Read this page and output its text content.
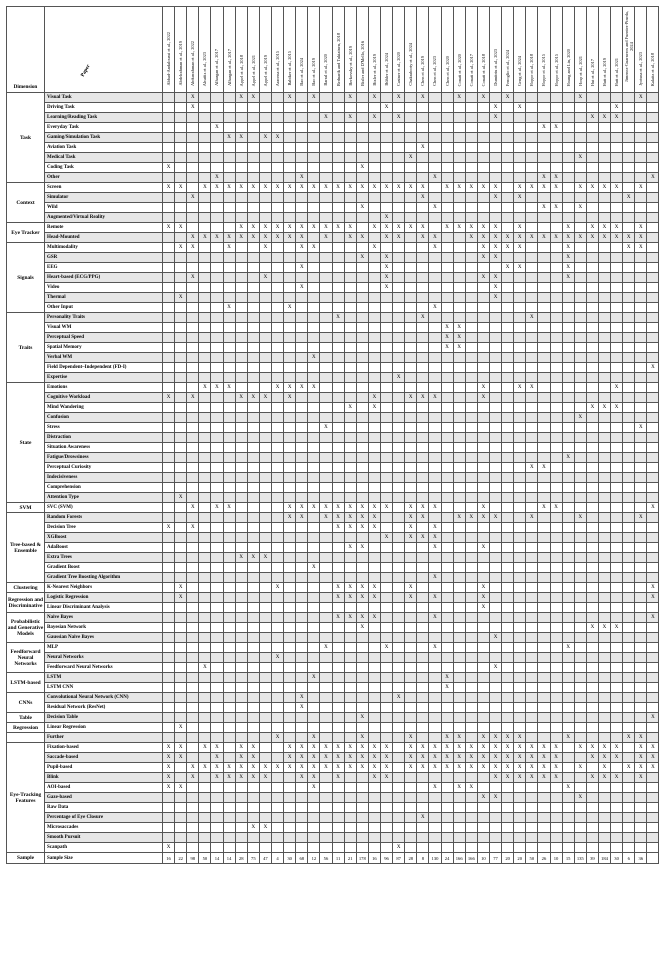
Dimension	Paper	Abbad-Andaloussi et al., 2022	Abdelrahman et al., 2019	Abdurrahman et al., 2022	Alcañiz et al., 2023	Alhargan et al., 2017	Alhargan et al., 2017	Appel et al., 2018	Appel et al., 2021	Appel et al., 2019	Aracena et al., 2015	Babiker et al., 2015	Bao et al., 2024	Bao et al., 2019	Barral et al., 2020	Bednarik and Tukiainen, 2018	Berkovsky et al., 2019	Bixler and D'Mello, 2016	Bixler et al., 2019	Bühler et al., 2024	Castner et al., 2020	Chakraborty et al., 2024	Chen et al., 2019	Chen et al., 2023	Chen et al., 2020	Conati et al., 2020	Conati et al., 2017	Conati et al., 2018	Dumitriu et al., 2023	Fenoglio et al., 2024	Geng et al., 2024	Hoppe et al., 2018	Hoppe et al., 2015	Hoppe et al., 2015	Hoang and Lin, 2020	Hosp et al., 2021	Hut et al., 2017	Hutt et al., 2019	Hutt et al., 2021	Jimenez-Guarneros and Fuentes-Pineda, 2024	Jyotsna et al., 2023	Kalaitz et al., 2018
Task	Visual Task			X				X	X			X		X			X		X		X		X			X		X		X						X					X	
	Driving Task			X																X									X		X								X			
	Learning/Reading Task														X		X		X		X								X								X	X	X			
	Everyday Task					X																											X	X								
	Gaming/Simulation Task						X	X		X	X																															
	Aviation Task																						X																			
	Medical Task																					X														X						
	Coding Task	X																X																								
	Other					X							X											X									X	X								X
Context	Screen	X	X		X	X	X	X	X	X	X	X	X	X	X	X	X	X	X	X	X	X	X		X	X	X	X	X		X	X	X	X		X	X	X	X		X	
	Simulator			X																			X						X		X									X		
	Wild																	X						X									X	X		X						
	Augmented/Virtual Reality																			X																						
Eye Tracker	Remote	X	X					X	X	X	X	X	X	X	X	X	X		X	X	X	X	X		X	X	X	X	X		X				X		X	X	X		X	
	Head-Mounted			X	X	X	X	X	X	X	X	X	X		X		X	X		X	X		X	X			X	X	X	X	X	X	X	X	X	X	X	X	X	X	X	
Signals	Multimodality		X	X			X			X			X	X					X					X				X	X	X	X				X					X	X	
	GSR																	X		X								X	X						X							
	EEG												X							X										X	X				X							
	Heart-based (ECG/PPG)			X						X										X								X	X						X							
	Video												X							X									X													
	Thermal		X																										X													
	Other Input						X					X												X																		
Traits	Personality Traits															X							X									X										
	Visual WM																								X	X																
	Perceptual Speed																								X	X																
	Spatial Memory																								X	X																
	Verbal WM													X																												
	Field Dependent–Independent (FD-I)																																									X
	Expertise																				X																					
State	Emotions				X	X	X				X	X	X	X														X			X	X							X			
	Cognitive Workload	X		X				X	X	X		X							X			X	X	X				X														
	Mind Wandering																X		X																		X	X	X			
	Confusion																																			X						
	Stress														X																										X	
	Distraction																																									
	Situation Awareness																																									
	Fatigue/Drowsiness																																		X							
	Perceptual Curiosity																															X	X									
	Indecisiveness																																									
	Comprehension																																									
	Attention Type		X																																							
SVM	SVC (SVM)			X		X	X					X	X	X	X	X	X	X	X	X		X	X	X				X					X	X								X
Tree-based & Ensemble	Random Forests											X	X		X	X	X	X	X			X	X			X	X	X	X			X				X					X	
	Decision Tree	X		X												X	X	X	X			X		X																		
	XGBoost																			X		X	X	X																		
	AdaBoost																X	X						X				X														
	Extra Trees							X	X	X																																
	Gradient Boost													X																												
	Gradient Tree Boosting Algorithm																							X																		
Clustering	K-Nearest Neighbors		X								X					X	X	X	X			X						X														X
Regression and Discriminative	Logistic Regression		X													X	X	X	X			X		X				X														X
	Linear Discriminant Analysis																											X														
Probabilistic and Generative Models	Naive Bayes															X	X	X	X					X																		X
	Bayesian Network																	X																			X	X	X			
	Gaussian Naive Bayes																												X													
Feedforward Neural Networks	MLP														X					X				X											X							
	Neural Networks										X																															
	Feedforward Neural Networks				X																								X													
LSTM-based	LSTM													X											X																	
	LSTM CNN																								X																	
CNNs	Convolutional Neural Network (CNN)												X								X																					
	Residual Network (ResNet)												X																													
Table	Decision Table																	X																								X
Regression	Linear Regression		X																																							
	Further										X			X				X				X			X	X		X	X	X	X				X					X	X	
Eye-Tracking Features	Fixation-based	X	X		X	X		X	X			X	X	X	X	X	X	X	X	X		X	X	X	X	X	X	X	X	X	X	X	X	X		X	X	X	X		X	X
	Saccade-based	X	X			X		X	X			X	X	X	X	X	X	X	X	X		X	X	X	X	X	X	X	X	X	X	X	X	X			X	X	X		X	X
	Pupil-based	X		X	X	X	X	X	X	X	X	X	X	X	X	X	X	X	X	X		X	X	X	X	X	X	X	X	X	X	X	X	X		X		X		X	X	X
	Blink	X		X		X	X	X	X	X			X	X		X			X	X									X	X	X	X	X	X			X	X	X		X	
	AOI-based	X	X											X										X		X	X								X							
	Gaze-based																											X	X							X						
	Raw Data																																									
	Percentage of Eye Closure																						X																			
	Microsaccades								X	X																																
	Smooth Pursuit																																									
	Scanpath	X																			X																					
Sample	Sample Size	16	22	98	50	14	14	28	75	47	4	30	68	12	56	11	21	178	16	96	87	28	8	130	24	166	166	10	77	20	20	50	26	10	15	135	39	184	30	6	36	
